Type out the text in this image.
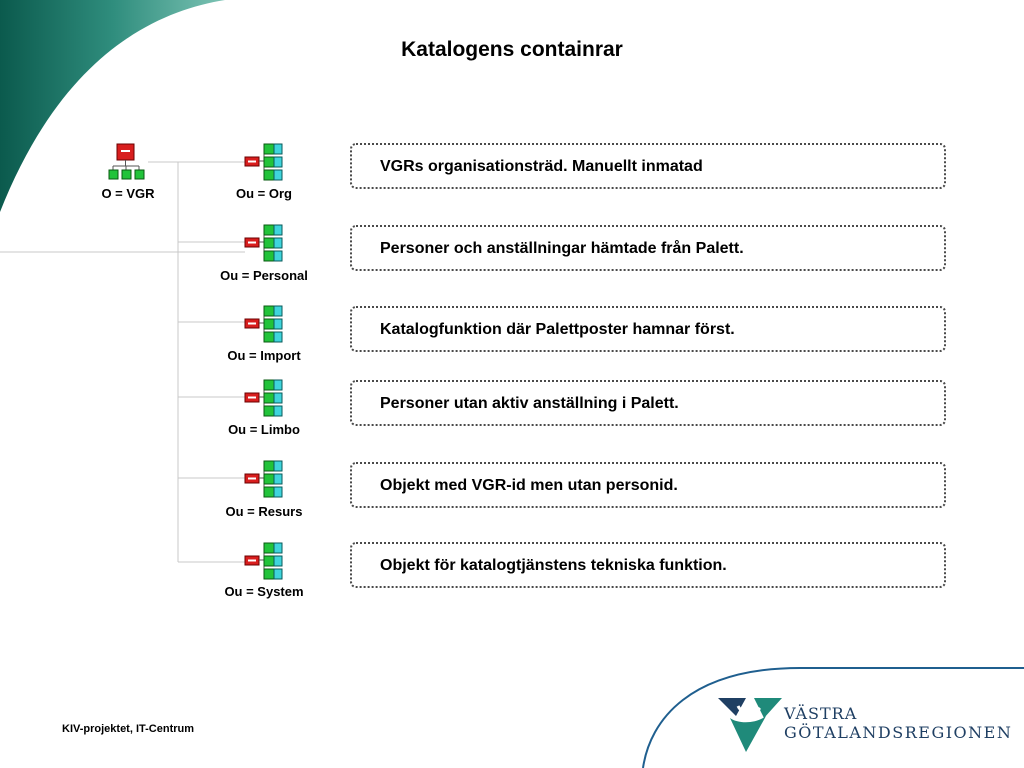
Katalogens containrar
O = VGR	Ou = Org
Ou = Personal
Ou = Import
Ou = Limbo
Ou = Resurs
Ou = System
VGRs organisationsträd. Manuellt inmatad
Personer och anställningar hämtade från Palett.
Katalogfunktion där Palettposter hamnar först.
Personer utan aktiv anställning i Palett.
Objekt med VGR-id men utan personid.
Objekt för katalogtjänstens tekniska funktion.
KIV-projektet, IT-Centrum
VÄSTRA
GÖTALANDSREGIONEN
